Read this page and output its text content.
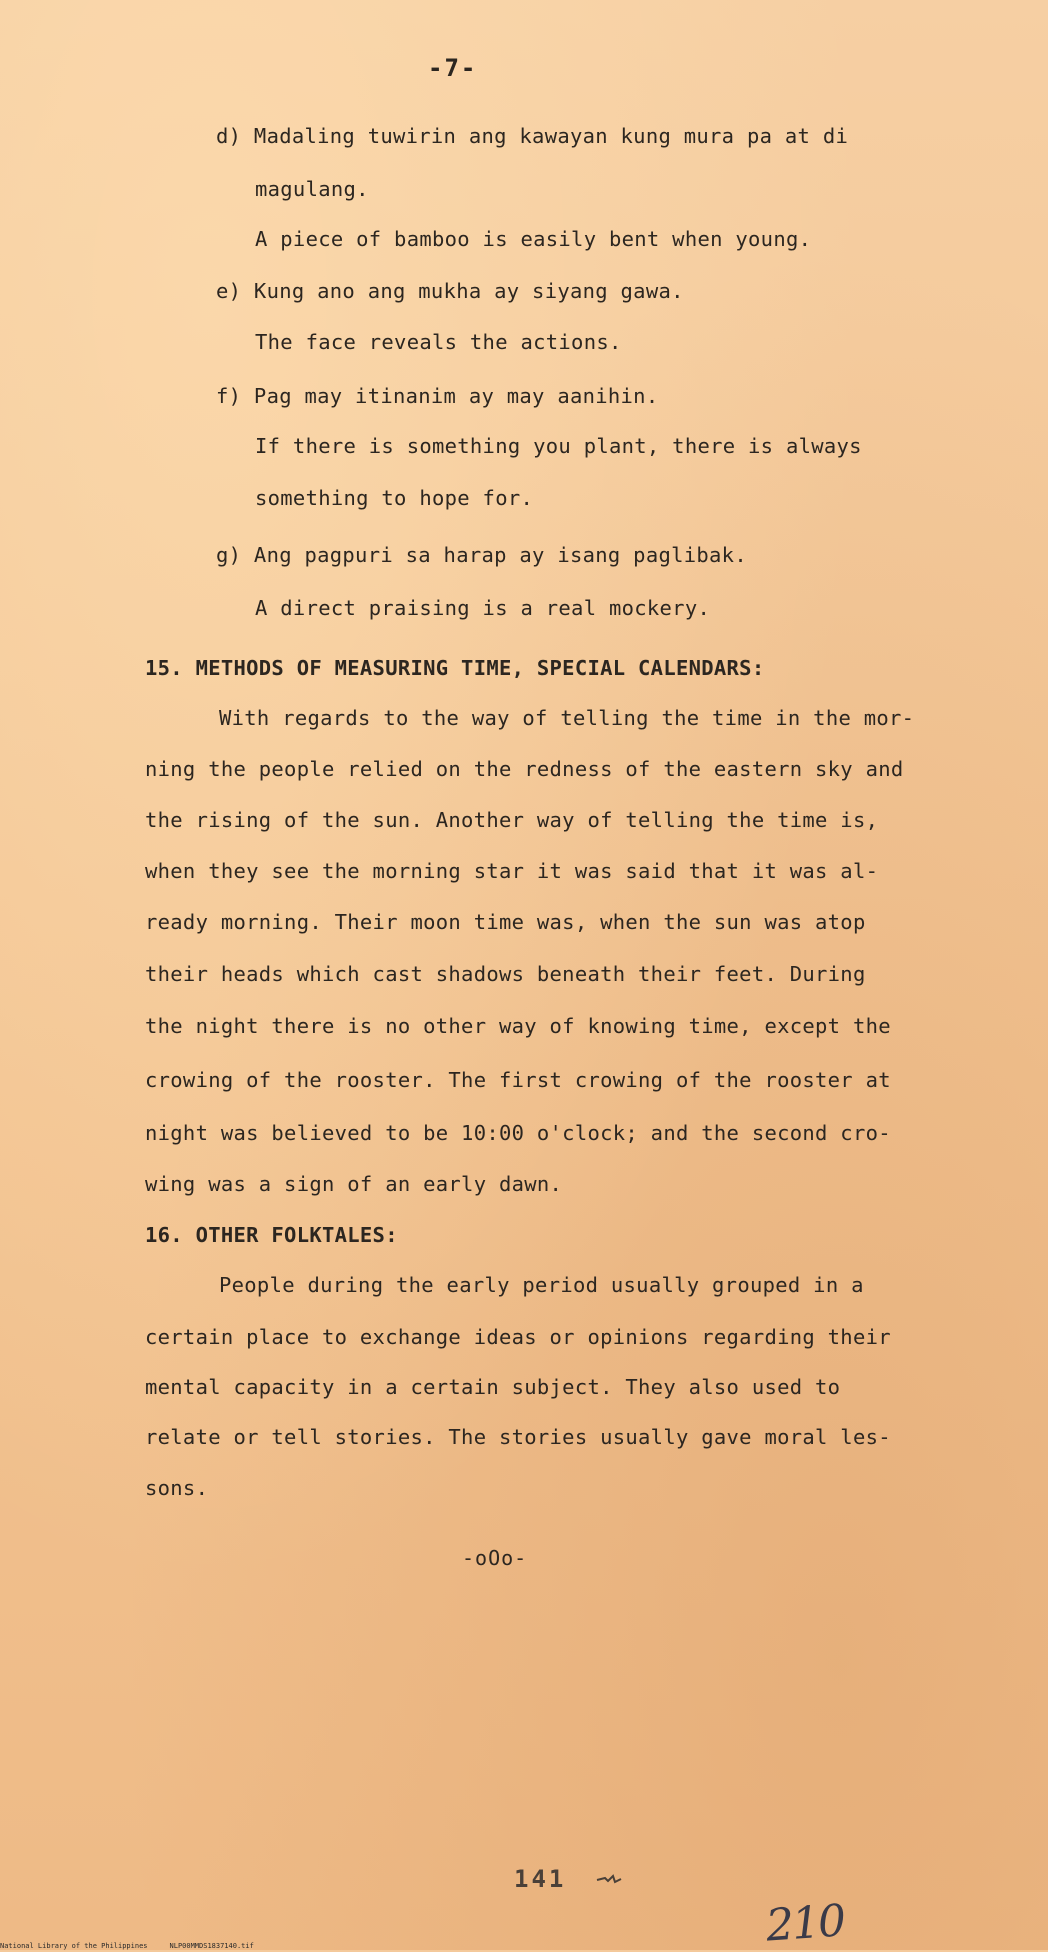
-7-
d) Madaling tuwirin ang kawayan kung mura pa at di
magulang.
A piece of bamboo is easily bent when young.
e) Kung ano ang mukha ay siyang gawa.
The face reveals the actions.
f) Pag may itinanim ay may aanihin.
If there is something you plant, there is always
something to hope for.
g) Ang pagpuri sa harap ay isang paglibak.
A direct praising is a real mockery.
15. METHODS OF MEASURING TIME, SPECIAL CALENDARS:
With regards to the way of telling the time in the mor-
ning the people relied on the redness of the eastern sky and
the rising of the sun. Another way of telling the time is,
when they see the morning star it was said that it was al-
ready morning. Their moon time was, when the sun was atop
their heads which cast shadows beneath their feet. During
the night there is no other way of knowing time, except the
crowing of the rooster. The first crowing of the rooster at
night was believed to be 10:00 o'clock; and the second cro-
wing was a sign of an early dawn.
16. OTHER FOLKTALES:
People during the early period usually grouped in a
certain place to exchange ideas or opinions regarding their
mental capacity in a certain subject. They also used to
relate or tell stories. The stories usually gave moral les-
sons.
-oOo-
141
210
National Library of the Philippines	NLP00MMDS1837140.tif
